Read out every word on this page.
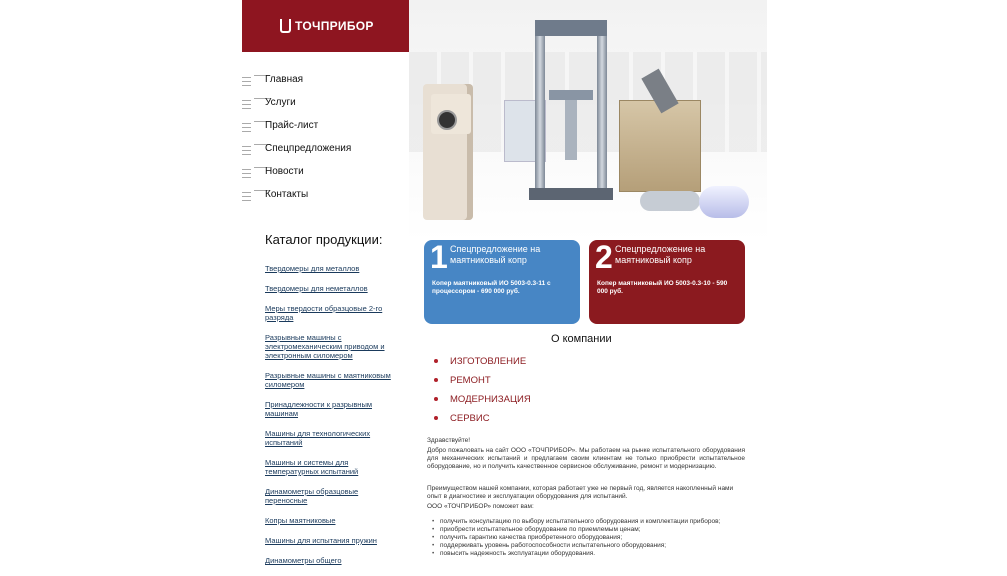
ТОЧПРИБОР
–
–
–
–
–
–
–
–
–
–
Главная
Услуги
Прайс-лист
Спецпредложения
Новости
Контакты
Каталог продукции:
Твердомеры для металлов
Твердомеры для неметаллов
Меры твердости образцовые 2-го разряда
Разрывные машины с электромеханическим приводом и электронным силомером
Разрывные машины с маятниковым силомером
Принадлежности к разрывным машинам
Машины для технологических испытаний
Машины и системы для температурных испытаний
Динамометры образцовые переносные
Копры маятниковые
Машины для испытания пружин
Динамометры общего
1 Спецпредложение на маятниковый копр
Копер маятниковый ИО 5003-0.3-11 с процессором - 690 000 руб.
2 Спецпредложение на маятниковый копр
Копер маятниковый ИО 5003-0.3-10 - 590 000 руб.
О компании
ИЗГОТОВЛЕНИЕ
РЕМОНТ
МОДЕРНИЗАЦИЯ
СЕРВИС
Здравствуйте!
Добро пожаловать на сайт ООО «ТОЧПРИБОР». Мы работаем на рынке испытательного оборудования для механических испытаний и предлагаем своим клиентам не только приобрести испытательное оборудование, но и получить качественное сервисное обслуживание, ремонт и модернизацию.
Преимуществом нашей компании, которая работает уже не первый год, является накопленный нами опыт в диагностике и эксплуатации оборудования для испытаний.
ООО «ТОЧПРИБОР» поможет вам:
• получить консультацию по выбору испытательного оборудования и комплектации приборов;
• приобрести испытательное оборудование по приемлемым ценам;
• получить гарантию качества приобретенного оборудования;
• поддерживать уровень работоспособности испытательного оборудования;
• повысить надежность эксплуатации оборудования.
